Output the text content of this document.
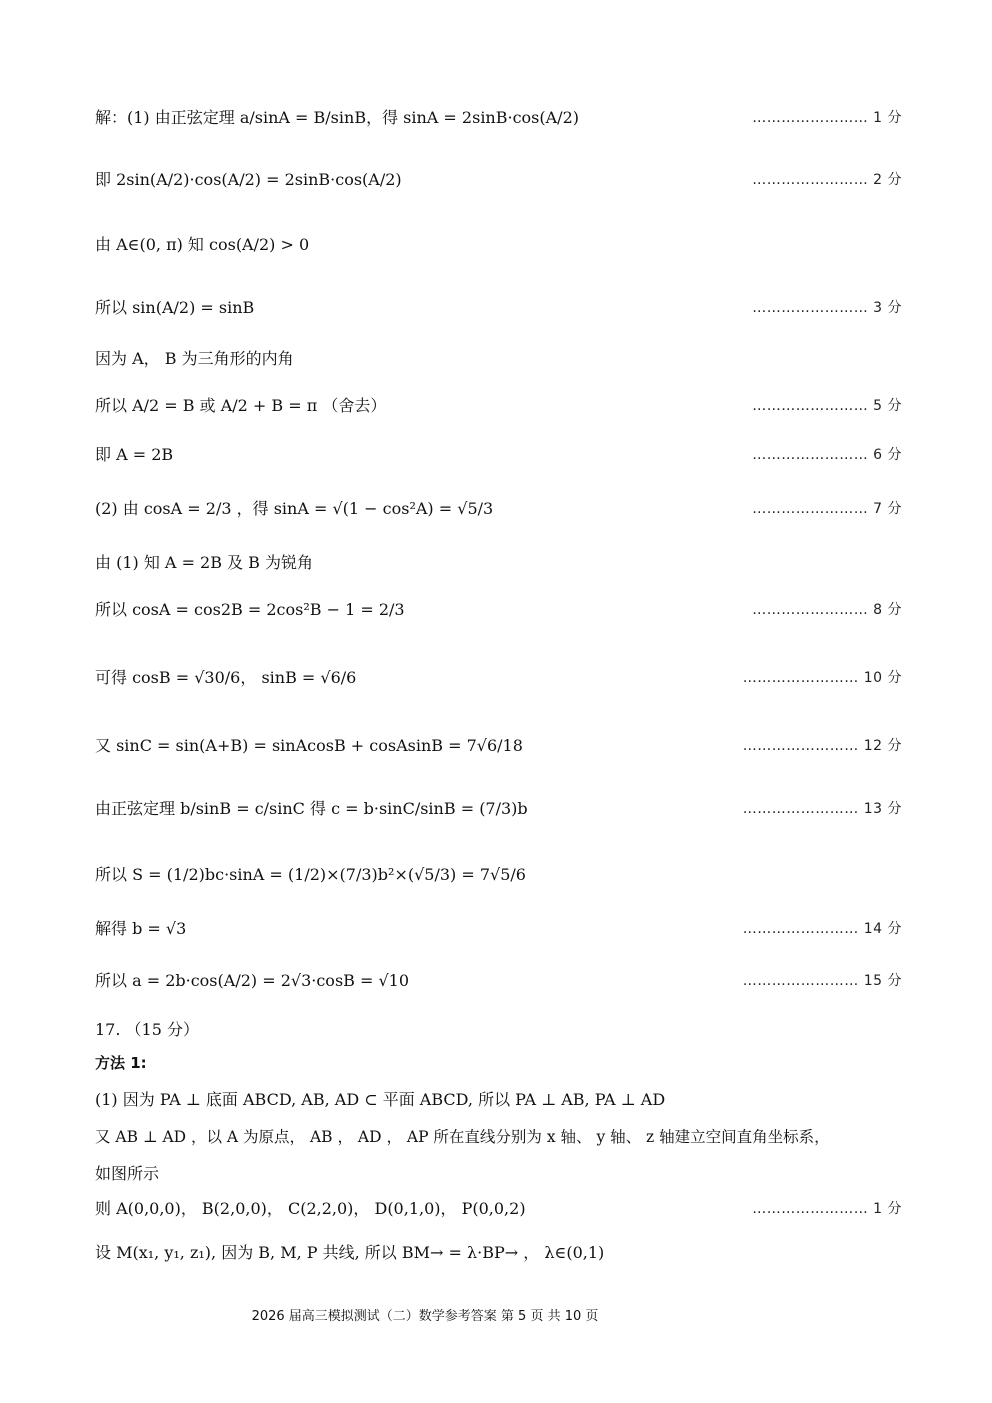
解：(1) 由正弦定理 a/sinA = B/sinB，得 sinA = 2sinB·cos(A/2)	…………………… 1 分
即 2sin(A/2)·cos(A/2) = 2sinB·cos(A/2)	…………………… 2 分
由 A∈(0, π) 知 cos(A/2) > 0
所以 sin(A/2) = sinB	…………………… 3 分
因为 A， B 为三角形的内角
所以 A/2 = B 或 A/2 + B = π （舍去）	…………………… 5 分
即 A = 2B	…………………… 6 分
(2) 由 cosA = 2/3 ，得 sinA = √(1 − cos²A) = √5/3	…………………… 7 分
由 (1) 知 A = 2B 及 B 为锐角
所以 cosA = cos2B = 2cos²B − 1 = 2/3	…………………… 8 分
可得 cosB = √30/6， sinB = √6/6	…………………… 10 分
又 sinC = sin(A+B) = sinAcosB + cosAsinB = 7√6/18	…………………… 12 分
由正弦定理 b/sinB = c/sinC 得 c = b·sinC/sinB = (7/3)b	…………………… 13 分
所以 S = (1/2)bc·sinA = (1/2)×(7/3)b²×(√5/3) = 7√5/6
解得 b = √3	…………………… 14 分
所以 a = 2b·cos(A/2) = 2√3·cosB = √10	…………………… 15 分
17. （15 分）
方法 1:
(1) 因为 PA ⊥ 底面 ABCD, AB, AD ⊂ 平面 ABCD, 所以 PA ⊥ AB, PA ⊥ AD
又 AB ⊥ AD ，以 A 为原点， AB ， AD ， AP 所在直线分别为 x 轴、 y 轴、 z 轴建立空间直角坐标系，
如图所示
则 A(0,0,0)， B(2,0,0)， C(2,2,0)， D(0,1,0)， P(0,0,2)	…………………… 1 分
设 M(x₁, y₁, z₁), 因为 B, M, P 共线, 所以 BM→ = λ·BP→ ， λ∈(0,1)
2026 届高三模拟测试（二）数学参考答案 第 5 页 共 10 页
